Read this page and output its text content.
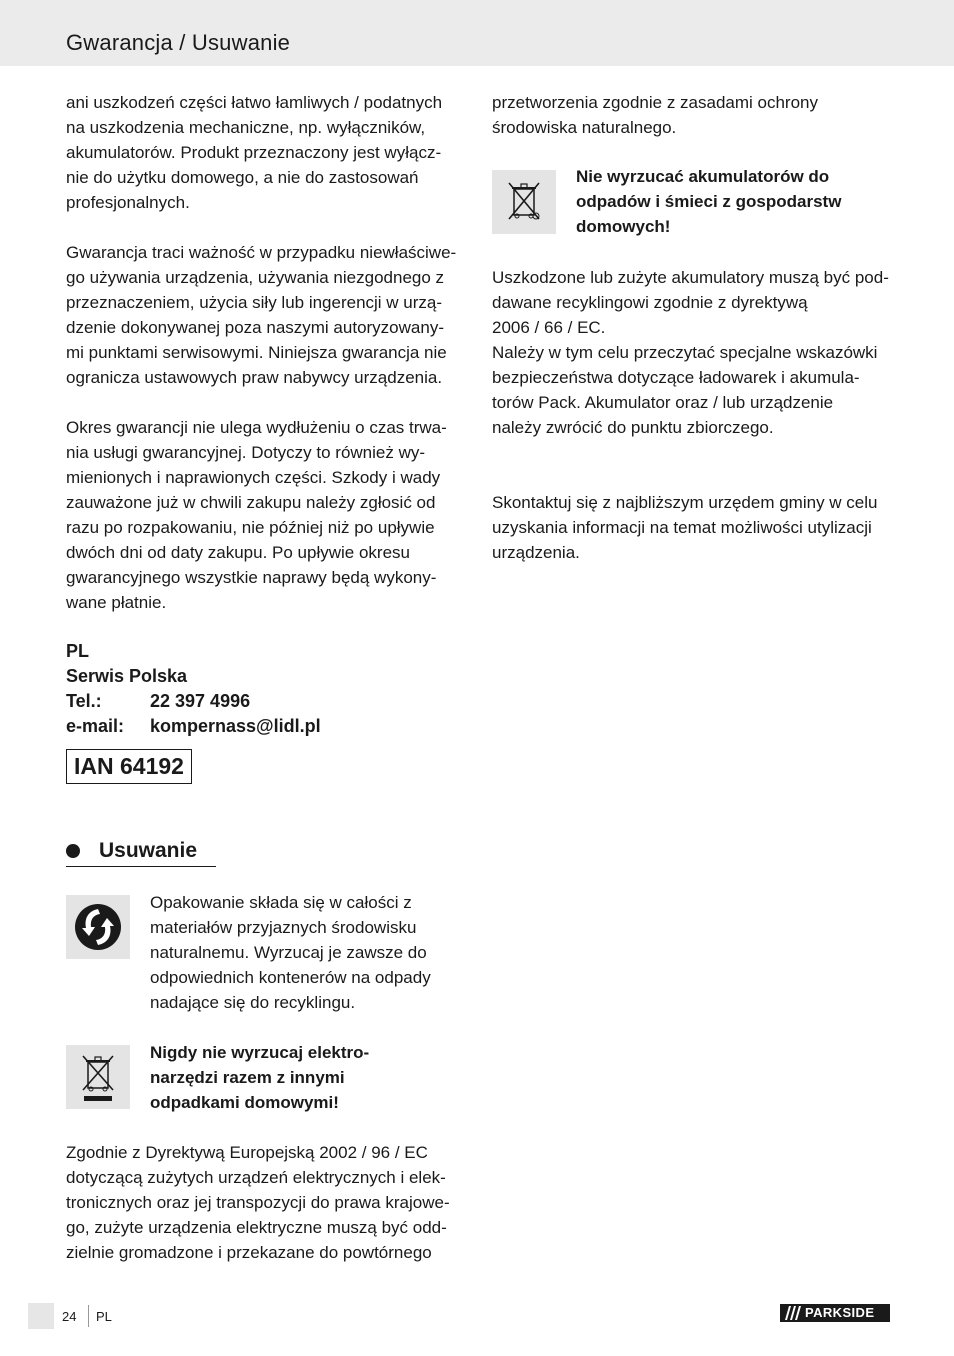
Gwarancja / Usuwanie

ani uszkodzeń części łatwo łamliwych / podatnych
na uszkodzenia mechaniczne, np. wyłączników,
akumulatorów. Produkt przeznaczony jest wyłącz-
nie do użytku domowego, a nie do zastosowań
profesjonalnych.

Gwarancja traci ważność w przypadku niewłaściwe-
go używania urządzenia, używania niezgodnego z
przeznaczeniem, użycia siły lub ingerencji w urzą-
dzenie dokonywanej poza naszymi autoryzowany-
mi punktami serwisowymi. Niniejsza gwarancja nie
ogranicza ustawowych praw nabywcy urządzenia.

Okres gwarancji nie ulega wydłużeniu o czas trwa-
nia usługi gwarancyjnej. Dotyczy to również wy-
mienionych i naprawionych części. Szkody i wady
zauważone już w chwili zakupu należy zgłosić od
razu po rozpakowaniu, nie później niż po upływie
dwóch dni od daty zakupu. Po upływie okresu
gwarancyjnego wszystkie naprawy będą wykony-
wane płatnie.

PL
Serwis Polska
Tel.:	22 397 4996
e-mail:	kompernass@lidl.pl
IAN 64192
Usuwanie
Opakowanie składa się w całości z
materiałów przyjaznych środowisku
naturalnemu. Wyrzucaj je zawsze do
odpowiednich kontenerów na odpady
nadające się do recyklingu.
Nigdy nie wyrzucaj elektro-
narzędzi razem z innymi
odpadkami domowymi!
Zgodnie z Dyrektywą Europejską 2002 / 96 / EC
dotyczącą zużytych urządzeń elektrycznych i elek-
tronicznych oraz jej transpozycji do prawa krajowe-
go, zużyte urządzenia elektryczne muszą być odd-
zielnie gromadzone i przekazane do powtórnego
przetworzenia zgodnie z zasadami ochrony
środowiska naturalnego.
Nie wyrzucać akumulatorów do
odpadów i śmieci z gospodarstw
domowych!
Uszkodzone lub zużyte akumulatory muszą być pod-
dawane recyklingowi zgodnie z dyrektywą
2006 / 66 / EC.
Należy w tym celu przeczytać specjalne wskazówki
bezpieczeństwa dotyczące ładowarek i akumula-
torów Pack. Akumulator oraz / lub urządzenie
należy zwrócić do punktu zbiorczego.
Skontaktuj się z najbliższym urzędem gminy w celu
uzyskania informacji na temat możliwości utylizacji
urządzenia.
24 PL	PARKSIDE
